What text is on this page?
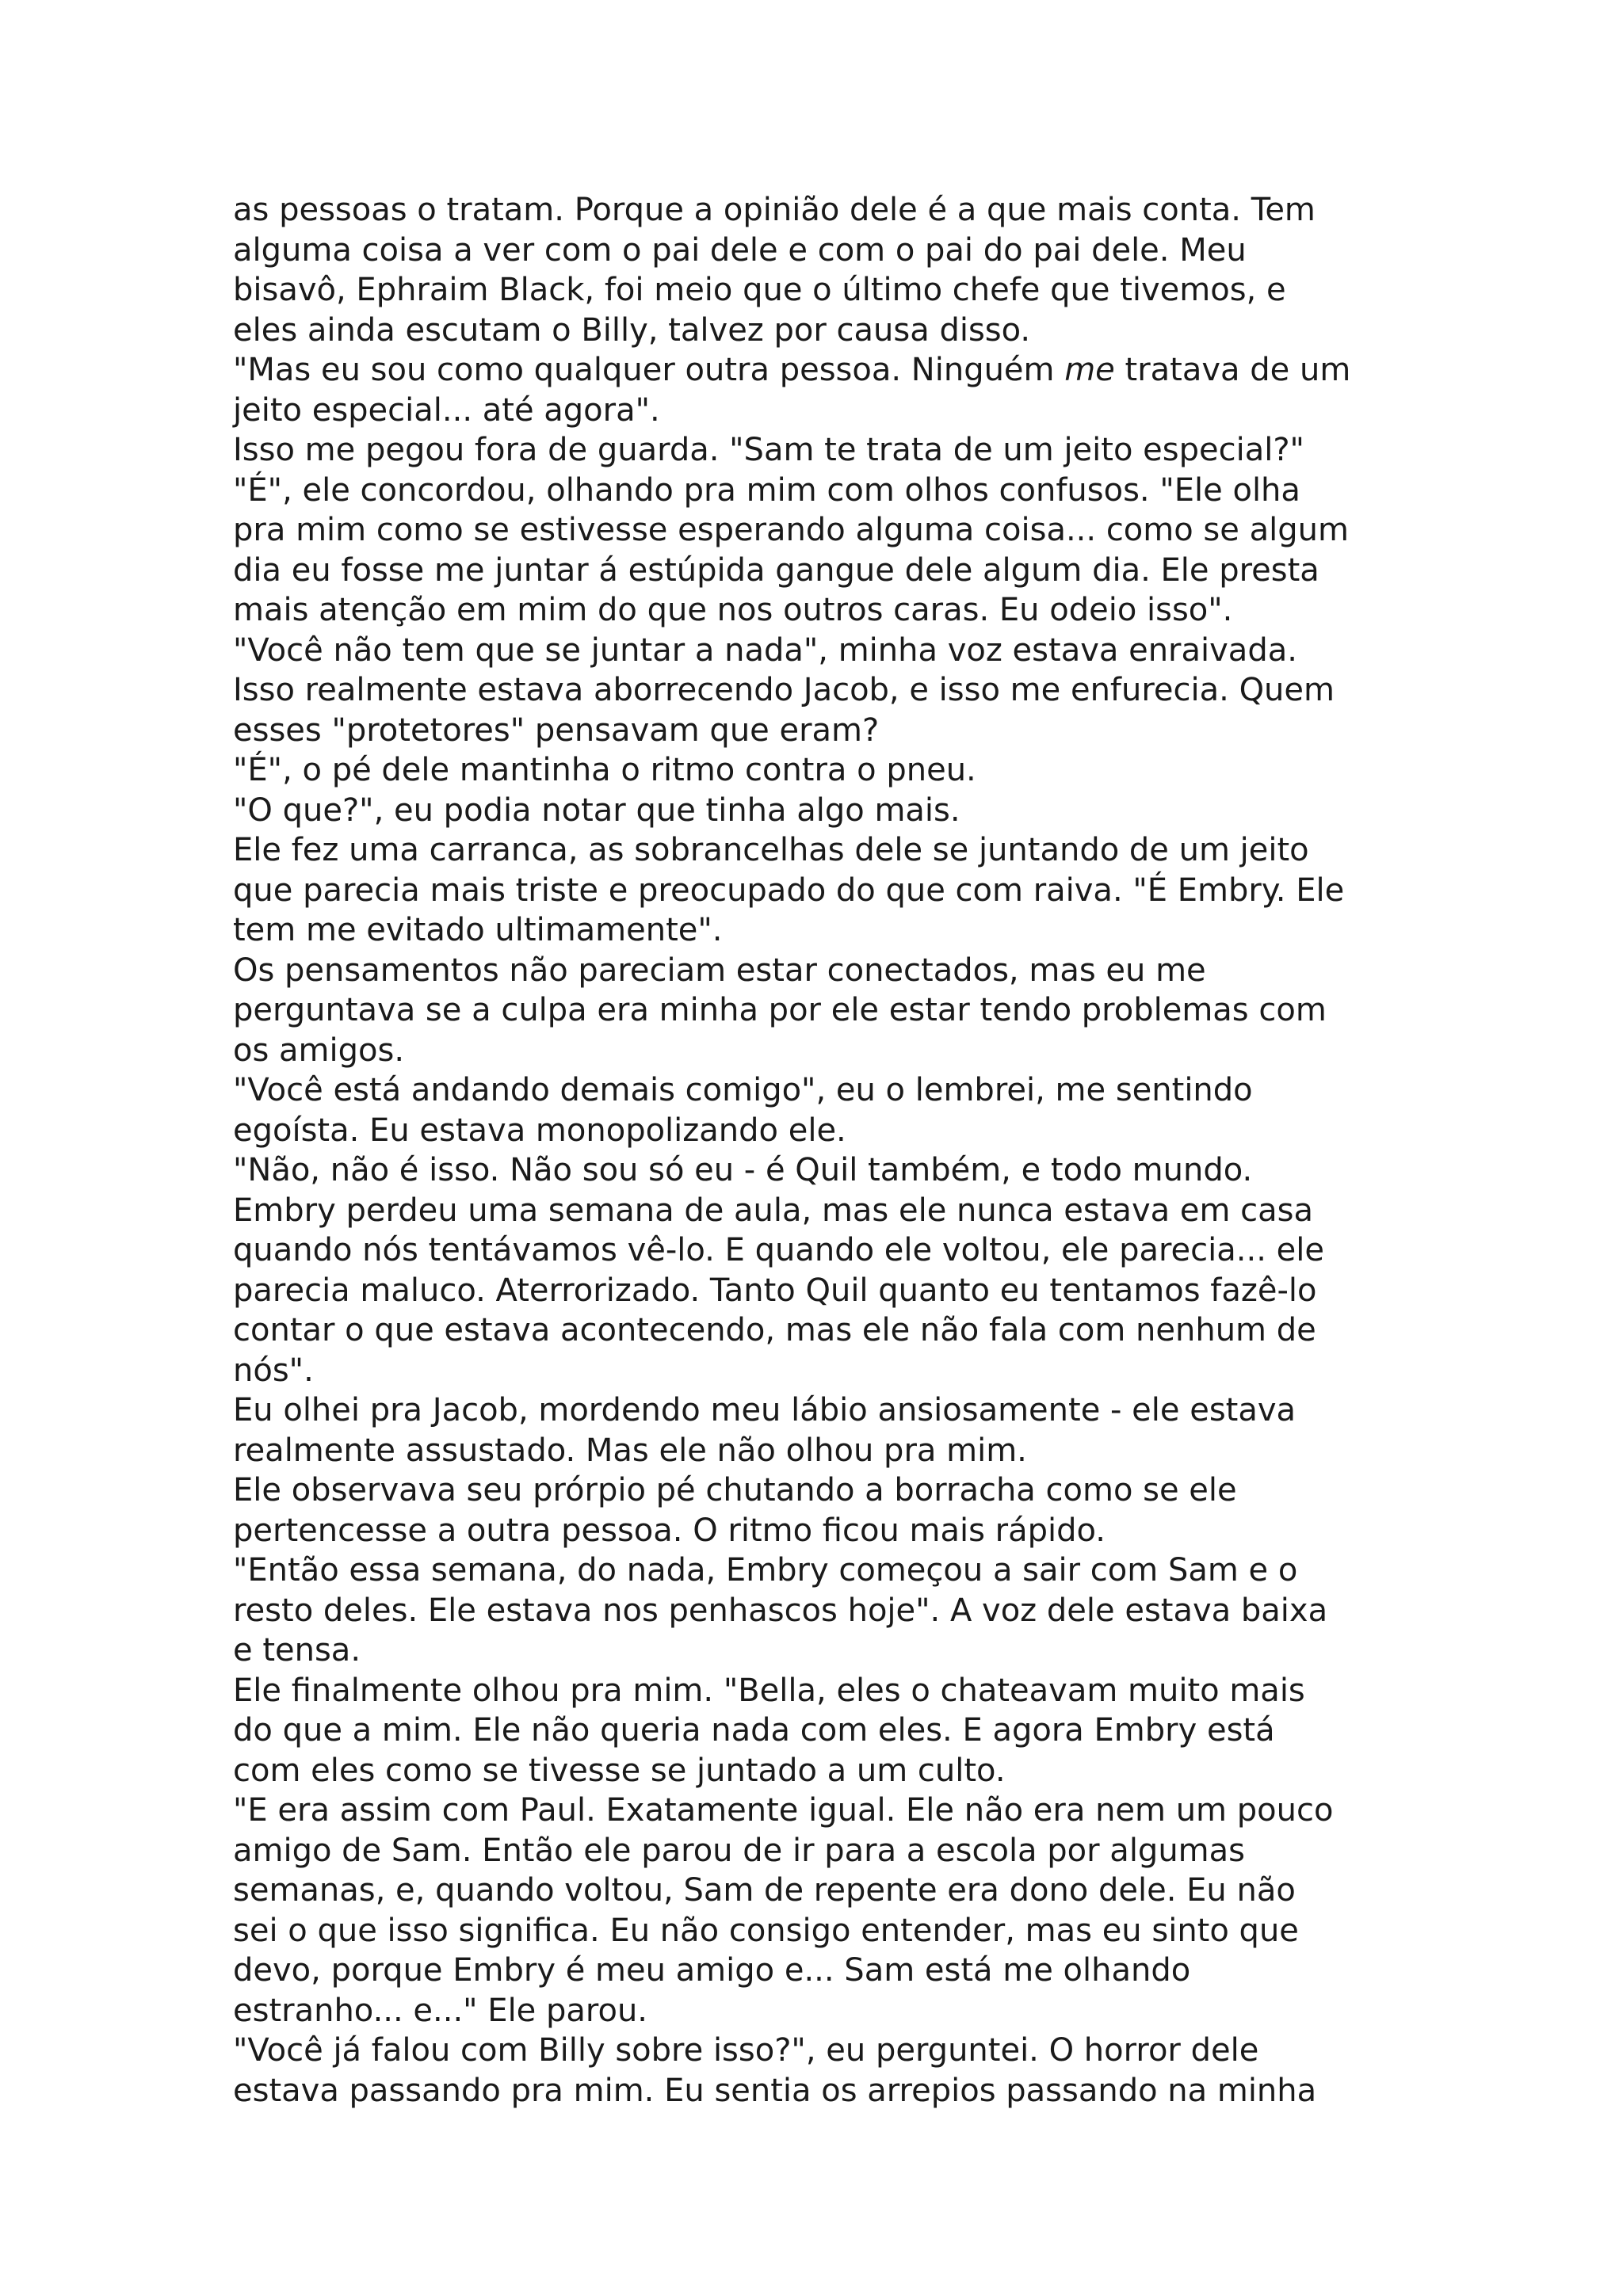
as pessoas o tratam. Porque a opinião dele é a que mais conta. Tem
alguma coisa a ver com o pai dele e com o pai do pai dele. Meu
bisavô, Ephraim Black, foi meio que o último chefe que tivemos, e
eles ainda escutam o Billy, talvez por causa disso.
"Mas eu sou como qualquer outra pessoa. Ninguém me tratava de um
jeito especial... até agora".
Isso me pegou fora de guarda. "Sam te trata de um jeito especial?"
"É", ele concordou, olhando pra mim com olhos confusos. "Ele olha
pra mim como se estivesse esperando alguma coisa... como se algum
dia eu fosse me juntar á estúpida gangue dele algum dia. Ele presta
mais atenção em mim do que nos outros caras. Eu odeio isso".
"Você não tem que se juntar a nada", minha voz estava enraivada.
Isso realmente estava aborrecendo Jacob, e isso me enfurecia. Quem
esses "protetores" pensavam que eram?
"É", o pé dele mantinha o ritmo contra o pneu.
"O que?", eu podia notar que tinha algo mais.
Ele fez uma carranca, as sobrancelhas dele se juntando de um jeito
que parecia mais triste e preocupado do que com raiva. "É Embry. Ele
tem me evitado ultimamente".
Os pensamentos não pareciam estar conectados, mas eu me
perguntava se a culpa era minha por ele estar tendo problemas com
os amigos.
"Você está andando demais comigo", eu o lembrei, me sentindo
egoísta. Eu estava monopolizando ele.
"Não, não é isso. Não sou só eu - é Quil também, e todo mundo.
Embry perdeu uma semana de aula, mas ele nunca estava em casa
quando nós tentávamos vê-lo. E quando ele voltou, ele parecia... ele
parecia maluco. Aterrorizado. Tanto Quil quanto eu tentamos fazê-lo
contar o que estava acontecendo, mas ele não fala com nenhum de
nós".
Eu olhei pra Jacob, mordendo meu lábio ansiosamente - ele estava
realmente assustado. Mas ele não olhou pra mim.
Ele observava seu prórpio pé chutando a borracha como se ele
pertencesse a outra pessoa. O ritmo ficou mais rápido.
"Então essa semana, do nada, Embry começou a sair com Sam e o
resto deles. Ele estava nos penhascos hoje". A voz dele estava baixa
e tensa.
Ele finalmente olhou pra mim. "Bella, eles o chateavam muito mais
do que a mim. Ele não queria nada com eles. E agora Embry está
com eles como se tivesse se juntado a um culto.
"E era assim com Paul. Exatamente igual. Ele não era nem um pouco
amigo de Sam. Então ele parou de ir para a escola por algumas
semanas, e, quando voltou, Sam de repente era dono dele. Eu não
sei o que isso significa. Eu não consigo entender, mas eu sinto que
devo, porque Embry é meu amigo e... Sam está me olhando
estranho... e..." Ele parou.
"Você já falou com Billy sobre isso?", eu perguntei. O horror dele
estava passando pra mim. Eu sentia os arrepios passando na minha
